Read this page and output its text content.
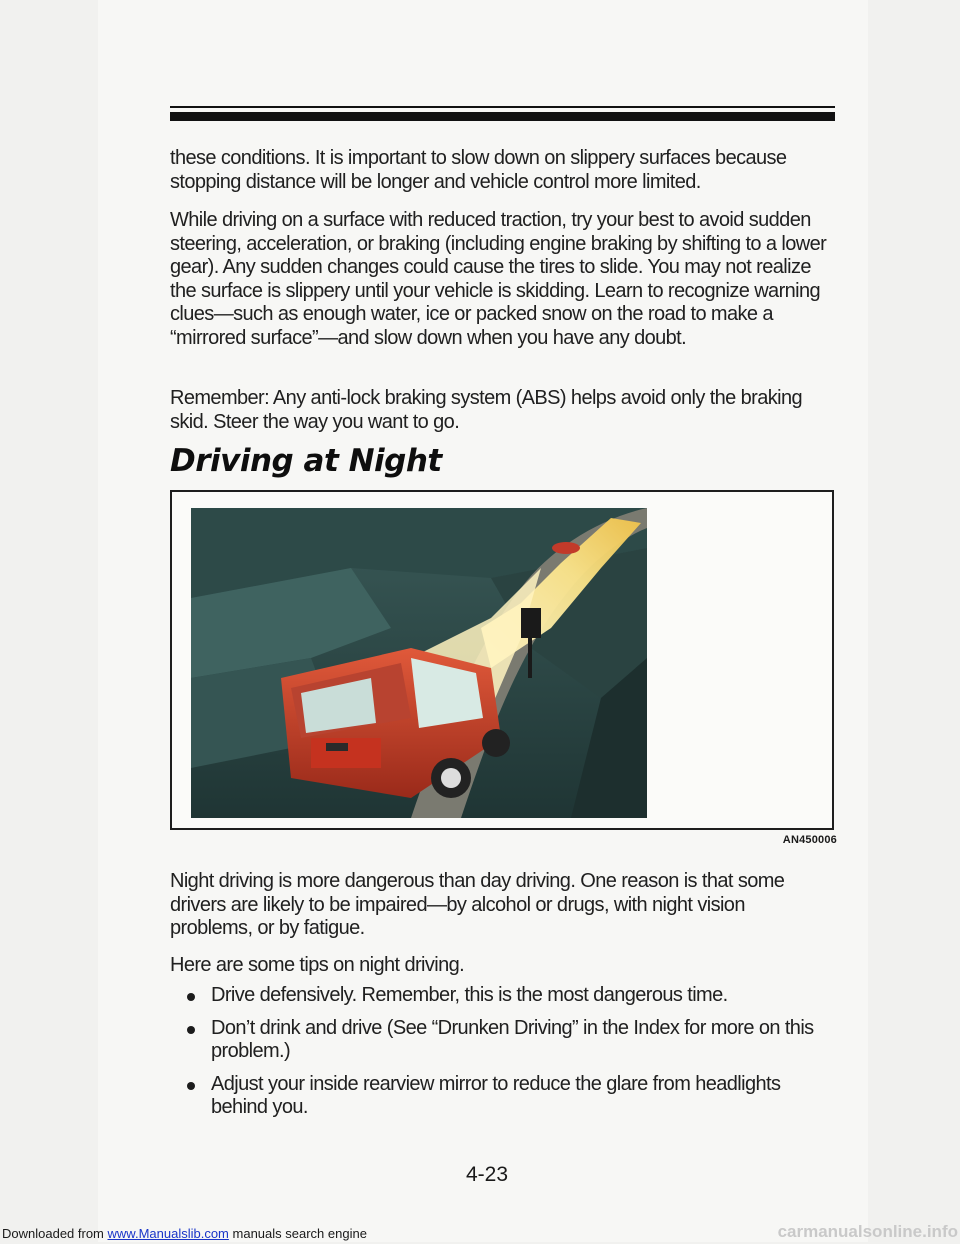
these conditions. It is important to slow down on slippery surfaces because stopping distance will be longer and vehicle control more limited.

While driving on a surface with reduced traction, try your best to avoid sudden steering, acceleration, or braking (including engine braking by shifting to a lower gear). Any sudden changes could cause the tires to slide. You may not realize the surface is slippery until your vehicle is skidding. Learn to recognize warning clues—such as enough water, ice or packed snow on the road to make a “mirrored surface”—and slow down when you have any doubt.

Remember: Any anti-lock braking system (ABS) helps avoid only the braking skid. Steer the way you want to go.

Driving at Night
AN450006

Night driving is more dangerous than day driving. One reason is that some drivers are likely to be impaired—by alcohol or drugs, with night vision problems, or by fatigue.

Here are some tips on night driving.

Drive defensively. Remember, this is the most dangerous time.
Don’t drink and drive (See “Drunken Driving” in the Index for more on this problem.)
Adjust your inside rearview mirror to reduce the glare from headlights behind you.
4-23
Downloaded from www.Manualslib.com manuals search engine	carmanualsonline.info
